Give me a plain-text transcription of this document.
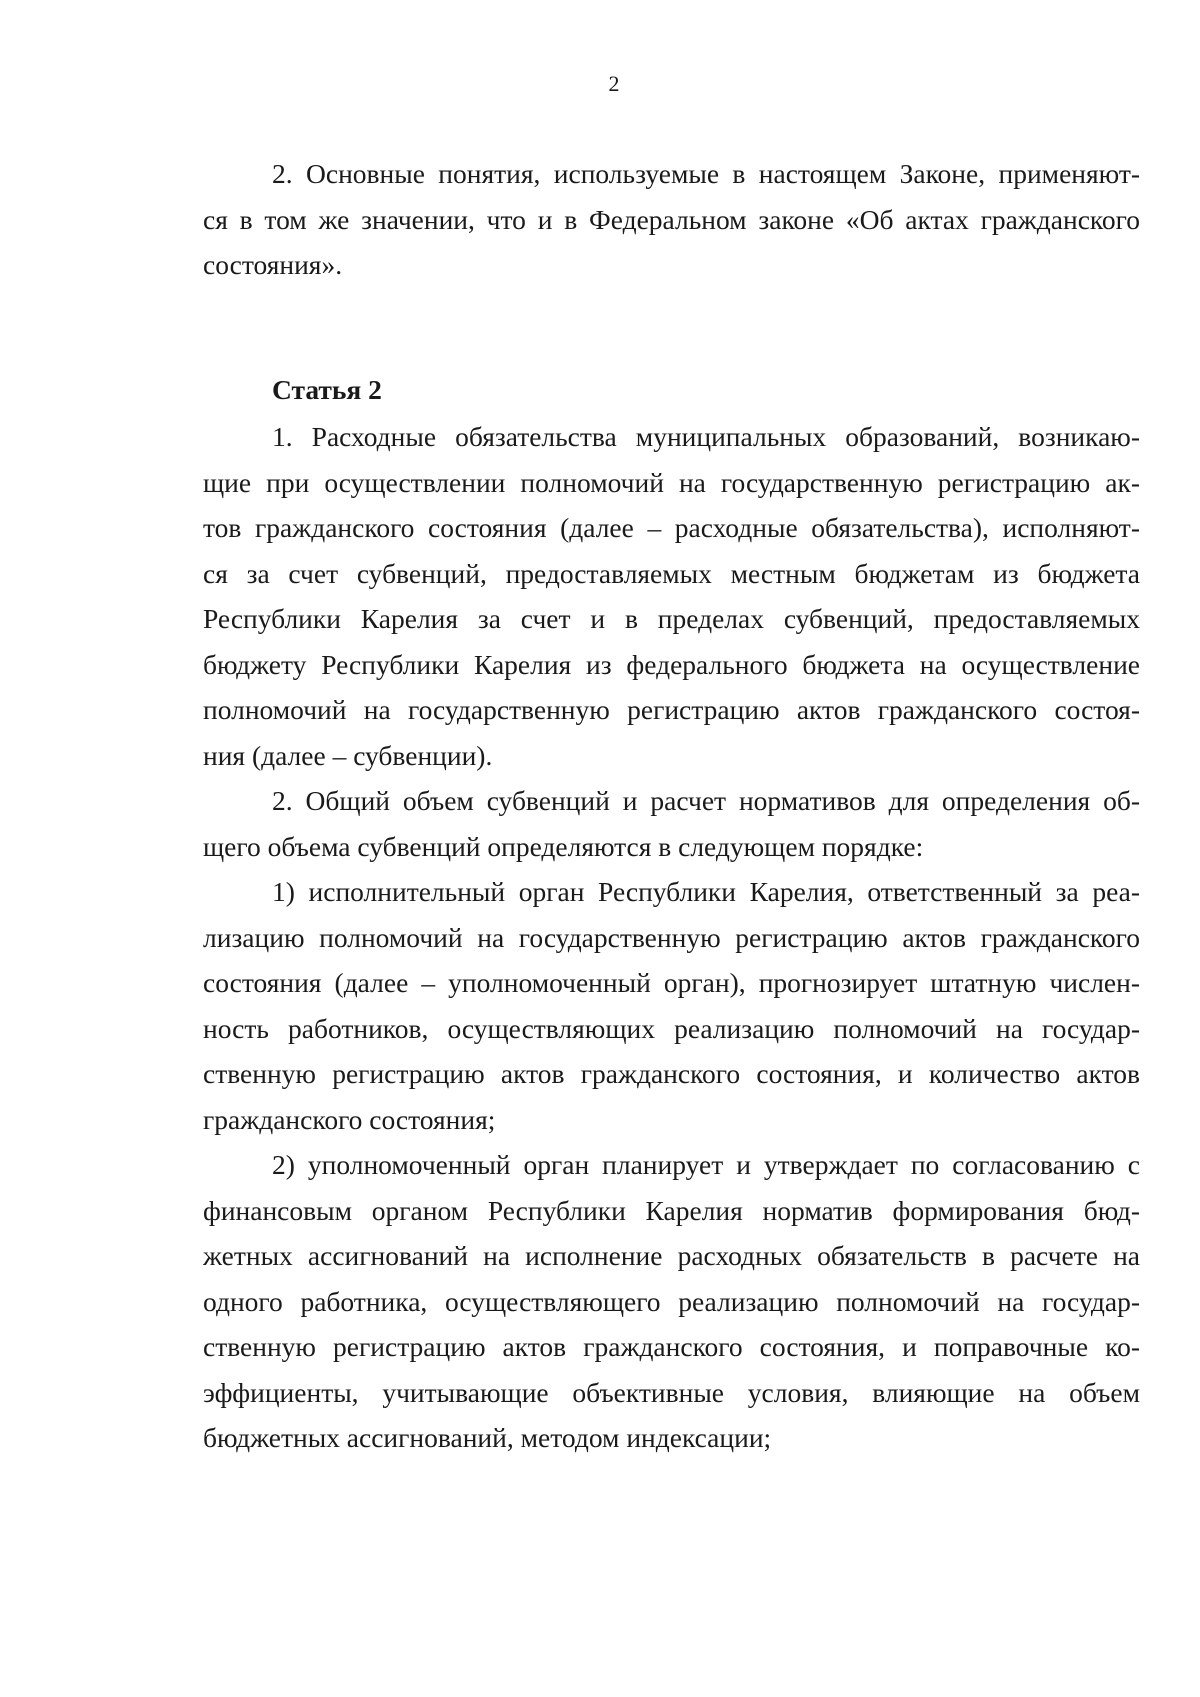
2
2. Основные понятия, используемые в настоящем Законе, применяют-
ся в том же значении, что и в Федеральном законе «Об актах гражданского
состояния».
Статья 2
1. Расходные обязательства муниципальных образований, возникаю-
щие при осуществлении полномочий на государственную регистрацию ак-
тов гражданского состояния (далее – расходные обязательства), исполняют-
ся за счет субвенций, предоставляемых местным бюджетам из бюджета
Республики Карелия за счет и в пределах субвенций, предоставляемых
бюджету Республики Карелия из федерального бюджета на осуществление
полномочий на государственную регистрацию актов гражданского состоя-
ния (далее – субвенции).
2. Общий объем субвенций и расчет нормативов для определения об-
щего объема субвенций определяются в следующем порядке:
1) исполнительный орган Республики Карелия, ответственный за реа-
лизацию полномочий на государственную регистрацию актов гражданского
состояния (далее – уполномоченный орган), прогнозирует штатную числен-
ность работников, осуществляющих реализацию полномочий на государ-
ственную регистрацию актов гражданского состояния, и количество актов
гражданского состояния;
2) уполномоченный орган планирует и утверждает по согласованию с
финансовым органом Республики Карелия норматив формирования бюд-
жетных ассигнований на исполнение расходных обязательств в расчете на
одного работника, осуществляющего реализацию полномочий на государ-
ственную регистрацию актов гражданского состояния, и поправочные ко-
эффициенты, учитывающие объективные условия, влияющие на объем
бюджетных ассигнований, методом индексации;
